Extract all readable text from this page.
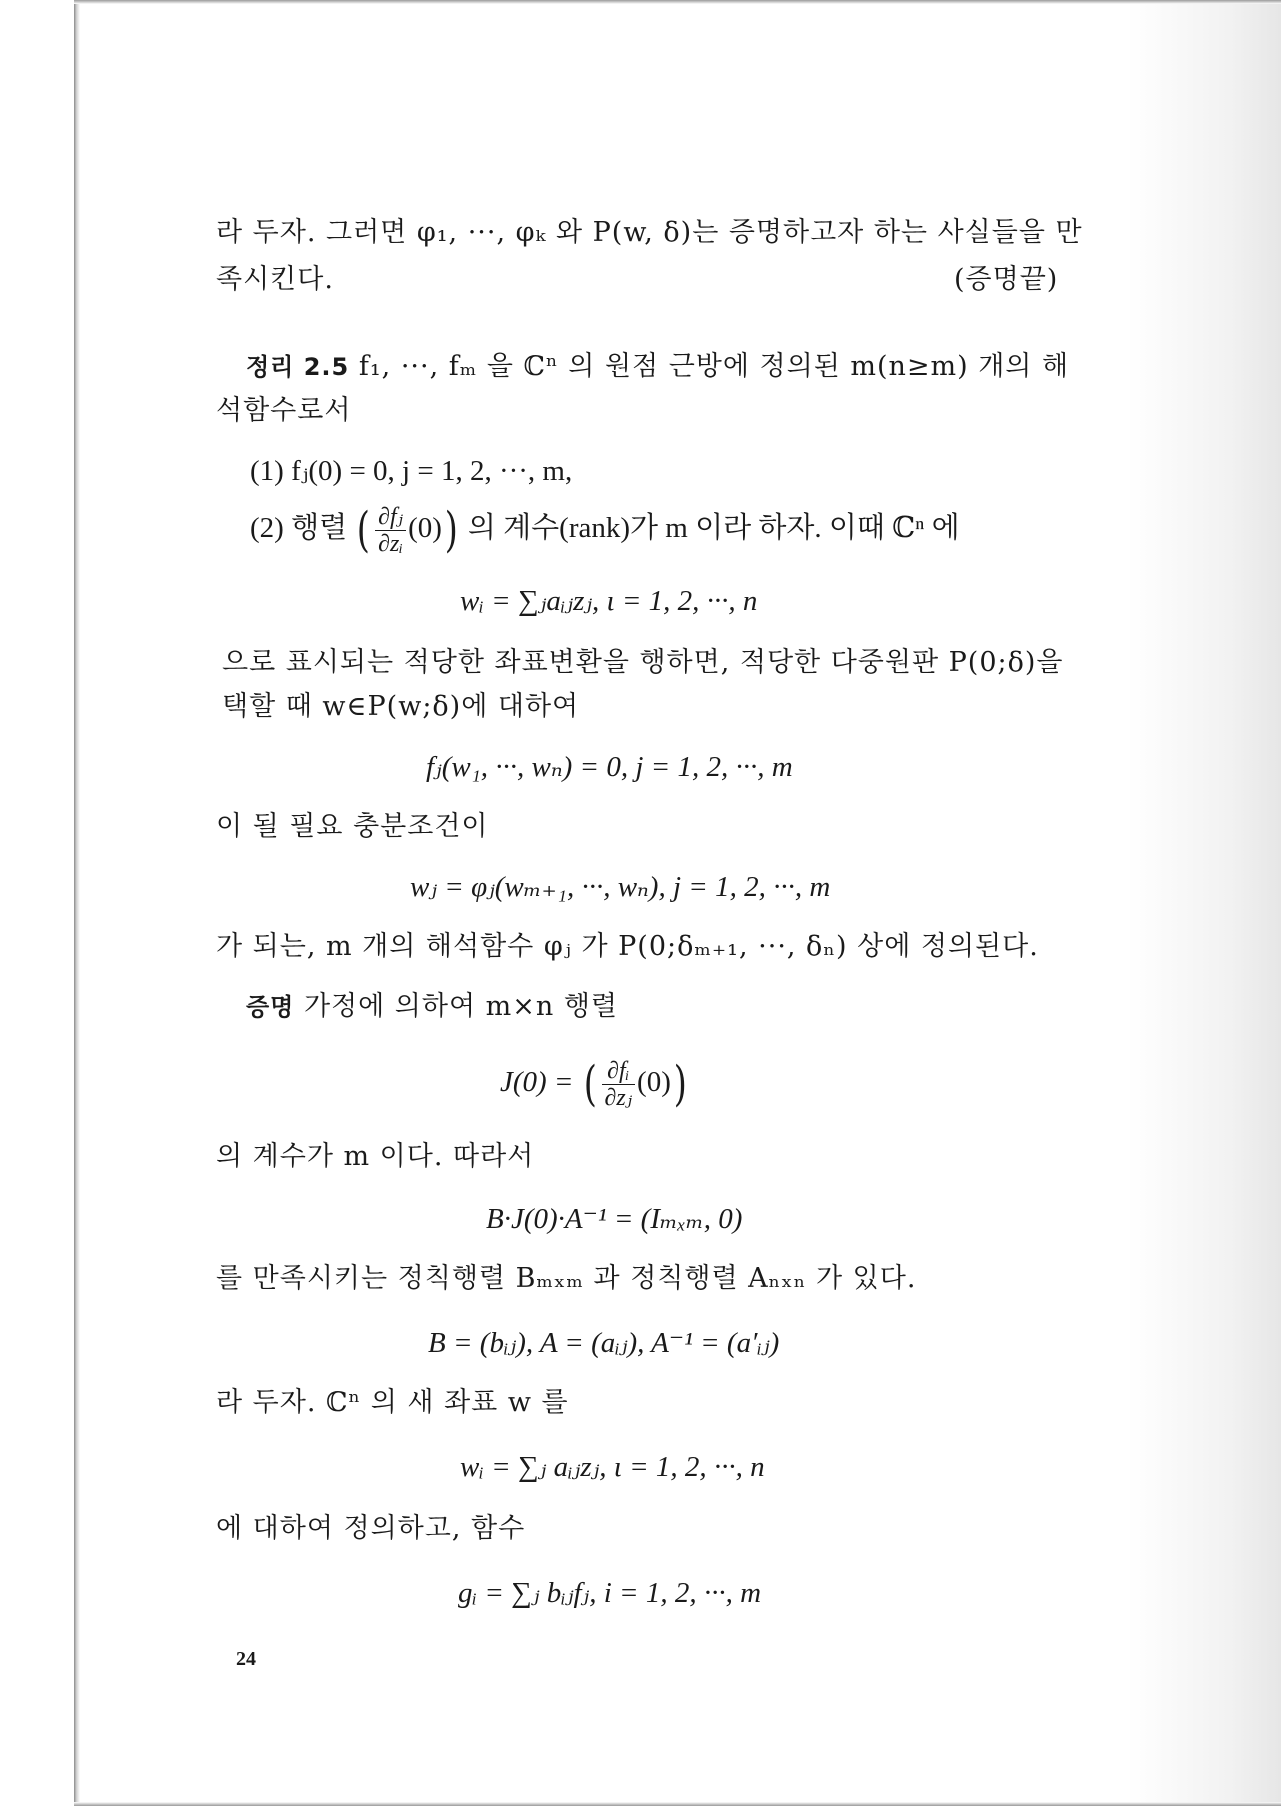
라 두자. 그러면 φ₁, ···, φₖ 와 P(w, δ)는 증명하고자 하는 사실들을 만
족시킨다.	(증명끝)
정리 2.5 f₁, ···, fₘ 을 ℂⁿ 의 원점 근방에 정의된 m(n≥m) 개의 해
석함수로서
(1) fⱼ(0) = 0, j = 1, 2, ···, m,
(2) 행렬 ( $\frac{\text{∂fⱼ}}{\text{∂zᵢ}} (0)$) 의 계수(rank)가 m 이라 하자. 이때 ℂⁿ 에
wᵢ = ∑ⱼaᵢⱼzⱼ, ι = 1, 2, ···, n
으로 표시되는 적당한 좌표변환을 행하면, 적당한 다중원판 P(0;δ)을
택할 때 w∈P(w;δ)에 대하여
fⱼ(w₁, ···, wₙ) = 0, j = 1, 2, ···, m
이 될 필요 충분조건이
wⱼ = φⱼ(wₘ₊₁, ···, wₙ), j = 1, 2, ···, m
가 되는, m 개의 해석함수 φⱼ 가 P(0;δₘ₊₁, ···, δₙ) 상에 정의된다.
증명 가정에 의하여 m×n 행렬
J(0) = ( $\frac{\text{∂fᵢ}}{\text{∂zⱼ}} (0)$)
의 계수가 m 이다. 따라서
B·J(0)·A⁻¹ = (Iₘₓₘ, 0)
를 만족시키는 정칙행렬 Bₘₓₘ 과 정칙행렬 Aₙₓₙ 가 있다.
B = (bᵢⱼ), A = (aᵢⱼ), A⁻¹ = (a′ᵢⱼ)
라 두자. ℂⁿ 의 새 좌표 w 를
wᵢ = ∑ⱼ aᵢⱼzⱼ, ι = 1, 2, ···, n
에 대하여 정의하고, 함수
gᵢ = ∑ⱼ bᵢⱼfⱼ, i = 1, 2, ···, m
24
